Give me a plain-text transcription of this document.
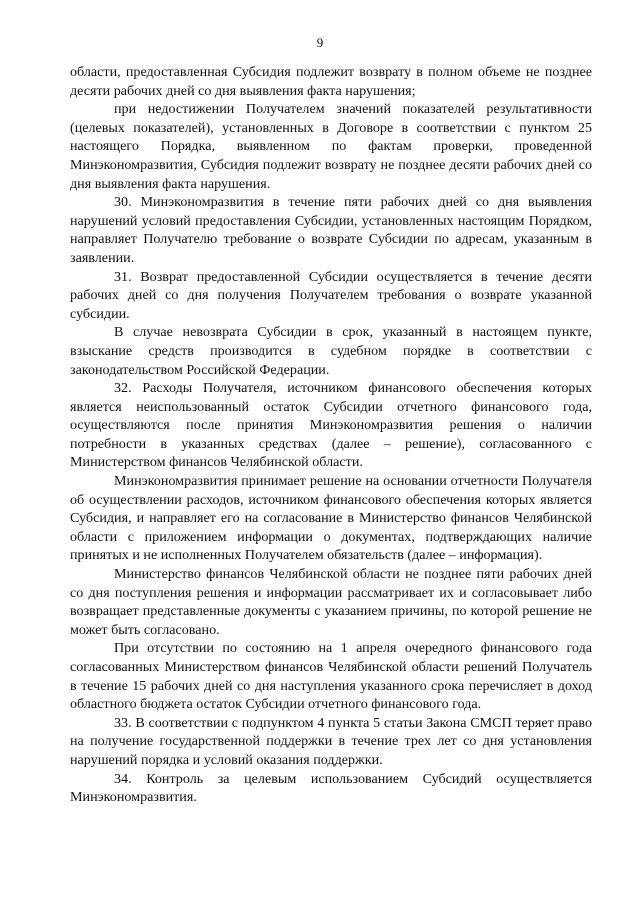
9

области, предоставленная Субсидия подлежит возврату в полном объеме не позднее десяти рабочих дней со дня выявления факта нарушения;

при недостижении Получателем значений показателей результативности (целевых показателей), установленных в Договоре в соответствии с пунктом 25 настоящего Порядка, выявленном по фактам проверки, проведенной Минэкономразвития, Субсидия подлежит возврату не позднее десяти рабочих дней со дня выявления факта нарушения.

30. Минэкономразвития в течение пяти рабочих дней со дня выявления нарушений условий предоставления Субсидии, установленных настоящим Порядком, направляет Получателю требование о возврате Субсидии по адресам, указанным в заявлении.

31. Возврат предоставленной Субсидии осуществляется в течение десяти рабочих дней со дня получения Получателем требования о возврате указанной субсидии.

В случае невозврата Субсидии в срок, указанный в настоящем пункте, взыскание средств производится в судебном порядке в соответствии с законодательством Российской Федерации.

32. Расходы Получателя, источником финансового обеспечения которых является неиспользованный остаток Субсидии отчетного финансового года, осуществляются после принятия Минэкономразвития решения о наличии потребности в указанных средствах (далее – решение), согласованного с Министерством финансов Челябинской области.

Минэкономразвития принимает решение на основании отчетности Получателя об осуществлении расходов, источником финансового обеспечения которых является Субсидия, и направляет его на согласование в Министерство финансов Челябинской области с приложением информации о документах, подтверждающих наличие принятых и не исполненных Получателем обязательств (далее – информация).

Министерство финансов Челябинской области не позднее пяти рабочих дней со дня поступления решения и информации рассматривает их и согласовывает либо возвращает представленные документы с указанием причины, по которой решение не может быть согласовано.

При отсутствии по состоянию на 1 апреля очередного финансового года согласованных Министерством финансов Челябинской области решений Получатель в течение 15 рабочих дней со дня наступления указанного срока перечисляет в доход областного бюджета остаток Субсидии отчетного финансового года.

33. В соответствии с подпунктом 4 пункта 5 статьи Закона СМСП теряет право на получение государственной поддержки в течение трех лет со дня установления нарушений порядка и условий оказания поддержки.

34. Контроль за целевым использованием Субсидий осуществляется Минэкономразвития.
